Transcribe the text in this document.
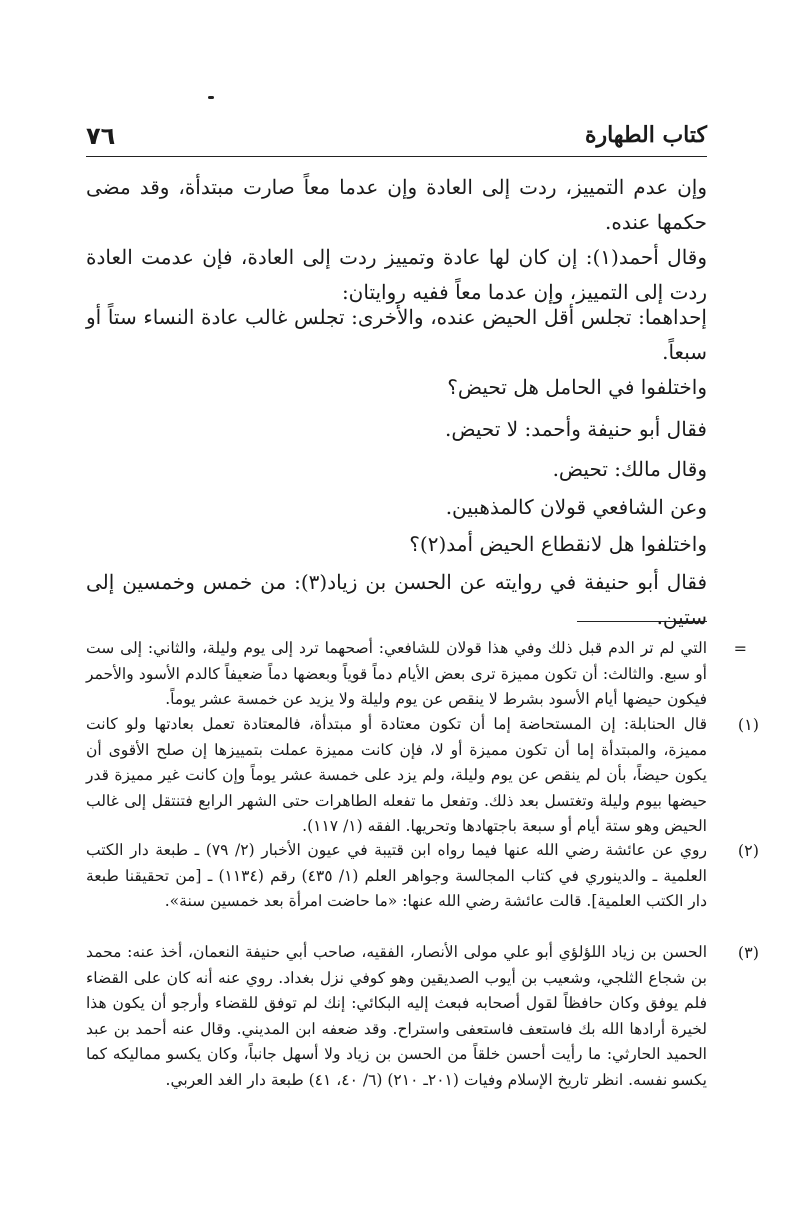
٧٦	كتاب الطهارة
وإن عدم التمييز، ردت إلى العادة وإن عدما معاً صارت مبتدأة، وقد مضى حكمها عنده.
وقال أحمد(١): إن كان لها عادة وتمييز ردت إلى العادة، فإن عدمت العادة ردت إلى التمييز، وإن عدما معاً ففيه روايتان:
إحداهما: تجلس أقل الحيض عنده، والأخرى: تجلس غالب عادة النساء ستاً أو سبعاً.
واختلفوا في الحامل هل تحيض؟
فقال أبو حنيفة وأحمد: لا تحيض.
وقال مالك: تحيض.
وعن الشافعي قولان كالمذهبين.
واختلفوا هل لانقطاع الحيض أمد(٢)؟
فقال أبو حنيفة في روايته عن الحسن بن زياد(٣): من خمس وخمسين إلى ستين.
=
التي لم تر الدم قبل ذلك وفي هذا قولان للشافعي: أصحهما ترد إلى يوم وليلة، والثاني: إلى ست أو سبع. والثالث: أن تكون مميزة ترى بعض الأيام دماً قوياً وبعضها دماً ضعيفاً كالدم الأسود والأحمر فيكون حيضها أيام الأسود بشرط لا ينقص عن يوم وليلة ولا يزيد عن خمسة عشر يوماً.
(١)
قال الحنابلة: إن المستحاضة إما أن تكون معتادة أو مبتدأة، فالمعتادة تعمل بعادتها ولو كانت مميزة، والمبتدأة إما أن تكون مميزة أو لا، فإن كانت مميزة عملت بتمييزها إن صلح الأقوى أن يكون حيضاً، بأن لم ينقص عن يوم وليلة، ولم يزد على خمسة عشر يوماً وإن كانت غير مميزة قدر حيضها بيوم وليلة وتغتسل بعد ذلك. وتفعل ما تفعله الطاهرات حتى الشهر الرابع فتنتقل إلى غالب الحيض وهو ستة أيام أو سبعة باجتهادها وتحريها. الفقه (١/ ١١٧).
(٢)
روي عن عائشة رضي الله عنها فيما رواه ابن قتيبة في عيون الأخبار (٢/ ٧٩) ـ طبعة دار الكتب العلمية ـ والدينوري في كتاب المجالسة وجواهر العلم (١/ ٤٣٥) رقم (١١٣٤) ـ [من تحقيقنا طبعة دار الكتب العلمية]. قالت عائشة رضي الله عنها: «ما حاضت امرأة بعد خمسين سنة».
(٣)
الحسن بن زياد اللؤلؤي أبو علي مولى الأنصار، الفقيه، صاحب أبي حنيفة النعمان، أخذ عنه: محمد بن شجاع الثلجي، وشعيب بن أيوب الصديقين وهو كوفي نزل بغداد. روي عنه أنه كان على القضاء فلم يوفق وكان حافظاً لقول أصحابه فبعث إليه البكائي: إنك لم توفق للقضاء وأرجو أن يكون هذا لخيرة أرادها الله بك فاستعف فاستعفى واستراح. وقد ضعفه ابن المديني. وقال عنه أحمد بن عبد الحميد الحارثي: ما رأيت أحسن خلقاً من الحسن بن زياد ولا أسهل جانباً، وكان يكسو مماليكه كما يكسو نفسه. انظر تاريخ الإسلام وفيات (٢٠١ـ ٢١٠) (٦/ ٤٠، ٤١) طبعة دار الغد العربي.
